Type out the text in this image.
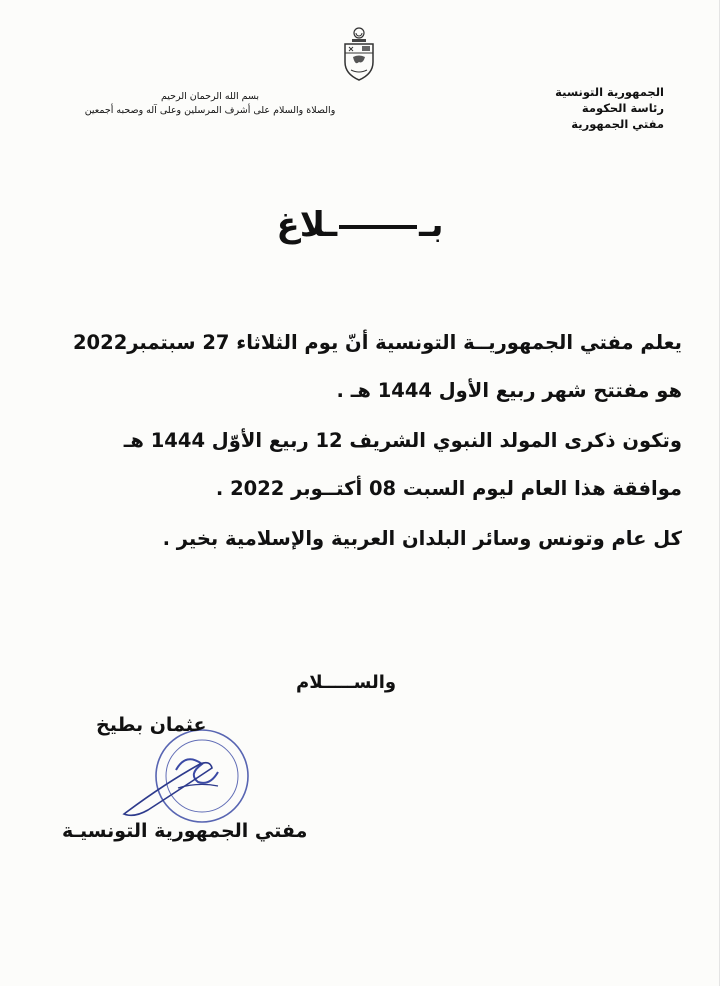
الجمهورية التونسية
رئاسة الحكومة
مفتي الجمهورية
بسم الله الرحمان الرحيم
والصلاة والسلام على أشرف المرسلين وعلى آله وصحبه أجمعين
بــلاغ
يعلم مفتي الجمهوريــة التونسية أنّ يوم الثلاثاء 27 سبتمبر2022
هو مفتتح شهر ربيع الأول 1444 هـ .
وتكون ذكرى المولد النبوي الشريف 12 ربيع الأوّل 1444 هـ
موافقة هذا العام ليوم السبت 08 أكتــوبر 2022 .
كل عام وتونس وسائر البلدان العربية والإسلامية بخير .
والســـــلام
عثمان بطيخ
مفتي الجمهورية التونسيـة
